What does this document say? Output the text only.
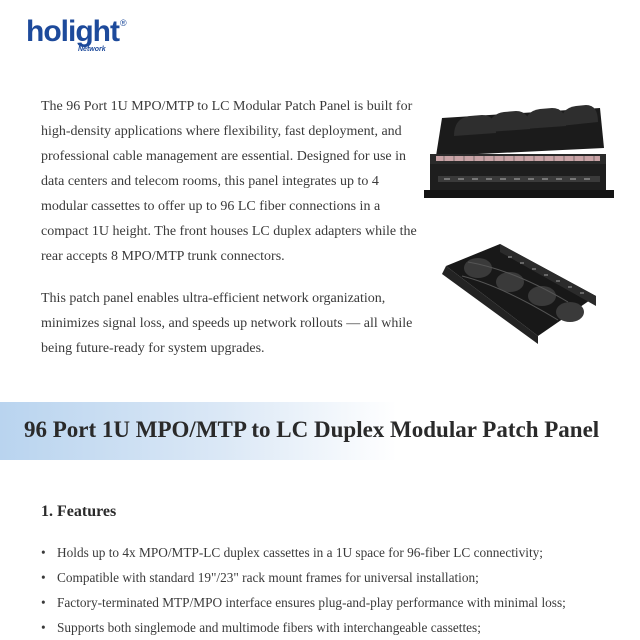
holight ®
Network

The 96 Port 1U MPO/MTP to LC Modular Patch Panel is built for high-density applications where flexibility, fast deployment, and professional cable management are essential. Designed for use in data centers and telecom rooms, this panel integrates up to 4 modular cassettes to offer up to 96 LC fiber connections in a compact 1U height. The front houses LC duplex adapters while the rear accepts 8 MPO/MTP trunk connectors.

This patch panel enables ultra-efficient network organization, minimizes signal loss, and speeds up network rollouts — all while being future-ready for system upgrades.

96 Port 1U MPO/MTP to LC Duplex Modular Patch Panel
1. Features
• Holds up to 4x MPO/MTP-LC duplex cassettes in a 1U space for 96-fiber LC connectivity;
• Compatible with standard 19"/23" rack mount frames for universal installation;
• Factory-terminated MTP/MPO interface ensures plug-and-play performance with minimal loss;
• Supports both singlemode and multimode fibers with interchangeable cassettes;
